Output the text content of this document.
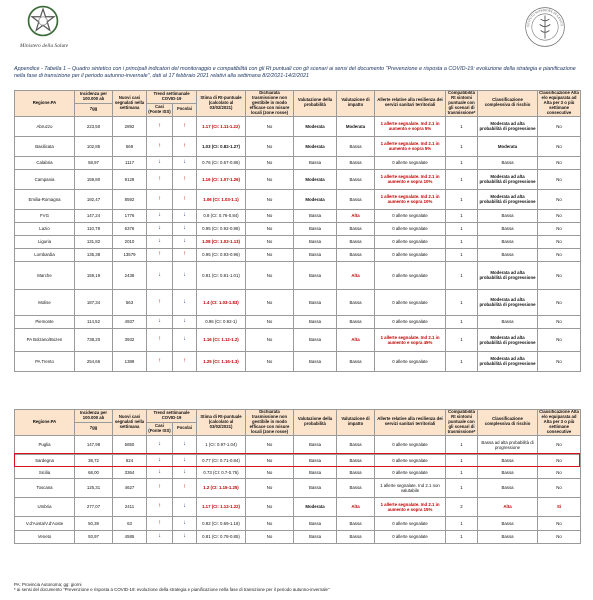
Ministero della Salute
ISTITUTO SUPERIORE DI SANITÀ
Appendice - Tabella 1 – Quadro sintetico con i principali indicatori del monitoraggio e compatibilità con gli Rt puntuali con gli scenari ai sensi del documento "Prevenzione e risposta a COVID-19: evoluzione della strategia e pianificazione nella fase di transizione per il periodo autunno-invernale", dati al 17 febbraio 2021 relativi alla settimana 8/2/2021-14/2/2021
Regione.PA	Incidenza per 100.000 ab	Nuovi casi segnalati nella settimana	Trend settimanale COVID-19		Stima di Rt-puntuale (calcolato al 03/02/2021)	Dichiarata trasmissione non gestibile in modo efficace con misure locali (zone rosse)	Valutazione della probabilità	Valutazione di impatto	Allerte relative alla resilienza dei servizi sanitari territoriali	Compatibilità Rt sintomi puntuale con gli scenari di trasmissione*	Classificazione complessiva di rischio	Classificazione Alta e/o equiparata ad Alta per 3 o più settimane consecutive
	7gg		Casi (Fonte ISS)	Focolai								
Abruzzo	223,50	2892	↑	↑	1.17 (CI: 1.11-1.22)	No	Moderata	Moderata	1 allerte segnalate. Ind 2.1 in aumento e sopra 5%	1	Moderata ad alta probabilità di progressione	No
Basilicata	102,85	569	↑	↑	1.03 (CI: 0.82-1.27)	No	Moderata	Bassa	1 allerte segnalate. Ind 2.1 in aumento e sopra 5%	1	Moderata	No
Calabria	58,97	1117	↓	↓	0.76 (CI: 0.67-0.86)	No	Bassa	Bassa	0 allerte segnalate	1	Bassa	No
Campania	159,80	9128	↑	↑	1.16 (CI: 1.07-1.26)	No	Moderata	Bassa	1 allerte segnalate. Ind 2.1 in aumento e sopra 10%	1	Moderata ad alta probabilità di progressione	No
Emilia-Romagna	192,47	8592	↑	↑	1.06 (CI: 1.03-1.1)	No	Moderata	Bassa	1 allerte segnalate. Ind 2.1 in aumento e sopra 10%	1	Moderata ad alta probabilità di progressione	No
FVG	147,24	1776	↓	↓	0.8 (CI: 0.76-0.84)	No	Bassa	Alta	0 allerte segnalate	1	Bassa	No
Lazio	110,78	6376	↓	↓	0.95 (CI: 0.92-0.98)	No	Bassa	Bassa	0 allerte segnalate	1	Bassa	No
Liguria	131,82	2010	↓	↓	1.08 (CI: 1.02-1.13)	No	Bassa	Bassa	0 allerte segnalate	1	Bassa	No
Lombardia	135,38	13579	↑	↑	0.95 (CI: 0.93-0.96)	No	Bassa	Bassa	0 allerte segnalate	1	Bassa	No
Marche	159,19	2438	↓	↓	0.91 (CI: 0.81-1.01)	No	Bassa	Alta	0 allerte segnalate	1	Moderata ad alta probabilità di progressione	No
Molise	187,34	563	↑	↓	1.4 (CI: 1.03-1.83)	No	Bassa	Bassa	0 allerte segnalate	1	Moderata ad alta probabilità di progressione	No
Piemonte	114,52	4937	↓	↓	0.96 (CI: 0.92-1)	No	Bassa	Bassa	0 allerte segnalate	1	Bassa	No
PA Bolzano/Bozen	738,20	3932	↑	↓	1.16 (CI: 1.12-1.2)	No	Bassa	Alta	1 allerte segnalate. Ind 2.1 in aumento e sopra 45%	1	Moderata ad alta probabilità di progressione	No
PA Trento	254,66	1389	↑	↑	1.25 (CI: 1.16-1.3)	No	Bassa	Bassa	0 allerte segnalate	1	Moderata ad alta probabilità di progressione	No
Regione.PA	Incidenza per 100.000 ab	Nuovi casi segnalati nella settimana	Trend settimanale COVID-19		Stima di Rt-puntuale (calcolato al 03/02/2021)	Dichiarata trasmissione non gestibile in modo efficace con misure locali (zone rosse)	Valutazione della probabilità	Valutazione di impatto	Allerte relative alla resilienza dei servizi sanitari territoriali	Compatibilità Rt sintomi puntuale con gli scenari di trasmissione*	Classificazione complessiva di rischio	Classificazione Alta e/o equiparata ad Alta per 3 o più settimane consecutive
	7gg		Casi (Fonte ISS)	Focolai								
Puglia	147,98	5850	↓	↓	1 (CI: 0.97-1.04)	No	Bassa	Bassa	0 allerte segnalate	1	Bassa ad alta probabilità di progressione	No
Sardegna	38,72	624	↓	↓	0.77 (CI: 0.71-0.84)	No	Bassa	Bassa	0 allerte segnalate	1	Bassa	No
Sicilia	68,00	3364	↓	↓	0.73 (CI: 0.7-0.76)	No	Bassa	Bassa	0 allerte segnalate	1	Bassa	No
Toscana	125,31	4627	↑	↑	1.2 (CI: 1.15-1.25)	No	Bassa	Bassa	1 allerte segnalate. Ind 2.1 non valutabile	1	Bassa	No
Umbria	277,07	2411	↑	↓	1.17 (CI: 1.12-1.22)	No	Moderata	Alta	1 allerte segnalate. Ind 2.1 in aumento e sopra 15%	2	Alta	Sì
V.d'Aosta/V.d'Aoste	50,39	63	↑	↓	0.92 (CI: 0.69-1.18)	No	Bassa	Bassa	0 allerte segnalate	1	Bassa	No
Veneto	93,97	4585	↓	↓	0.81 (CI: 0.78-0.85)	No	Bassa	Bassa	0 allerte segnalate	1	Bassa	No
PA: Provincia Autonoma; gg: giorni
* ai sensi del documento "Prevenzione e risposta a COVID-19: evoluzione della strategia e pianificazione nella fase di transizione per il periodo autunno-invernale"
